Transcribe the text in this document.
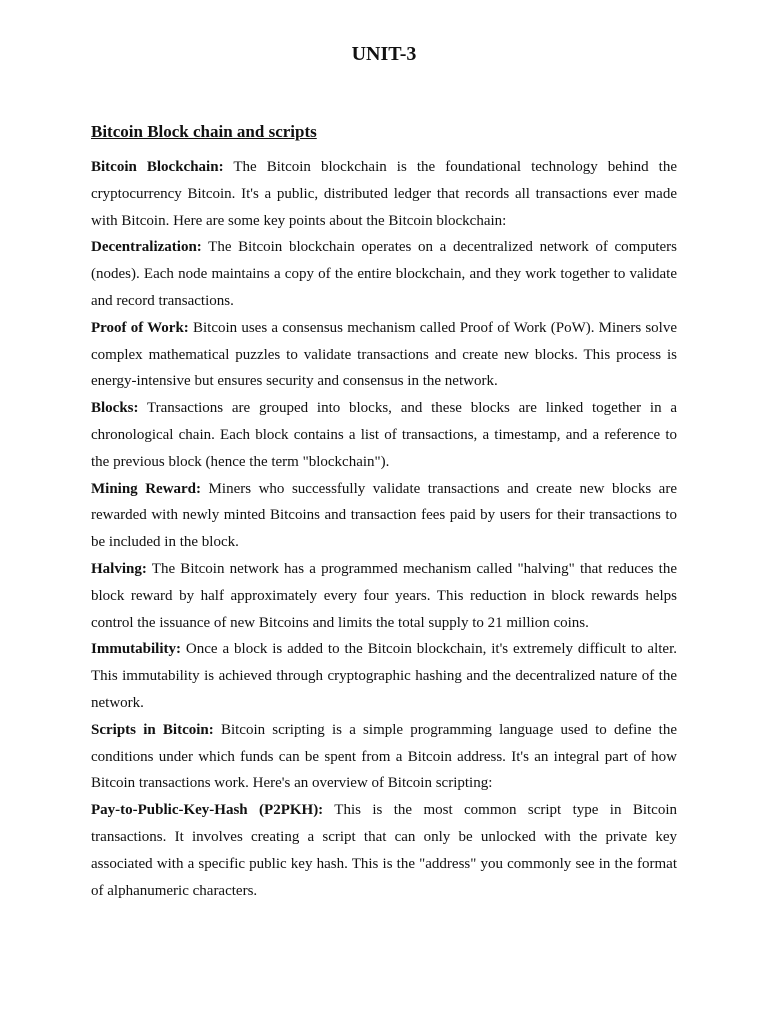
UNIT-3
Bitcoin Block chain and scripts

Bitcoin Blockchain: The Bitcoin blockchain is the foundational technology behind the cryptocurrency Bitcoin. It's a public, distributed ledger that records all transactions ever made with Bitcoin. Here are some key points about the Bitcoin blockchain:

Decentralization: The Bitcoin blockchain operates on a decentralized network of computers (nodes). Each node maintains a copy of the entire blockchain, and they work together to validate and record transactions.

Proof of Work: Bitcoin uses a consensus mechanism called Proof of Work (PoW). Miners solve complex mathematical puzzles to validate transactions and create new blocks. This process is energy-intensive but ensures security and consensus in the network.

Blocks: Transactions are grouped into blocks, and these blocks are linked together in a chronological chain. Each block contains a list of transactions, a timestamp, and a reference to the previous block (hence the term "blockchain").

Mining Reward: Miners who successfully validate transactions and create new blocks are rewarded with newly minted Bitcoins and transaction fees paid by users for their transactions to be included in the block.

Halving: The Bitcoin network has a programmed mechanism called "halving" that reduces the block reward by half approximately every four years. This reduction in block rewards helps control the issuance of new Bitcoins and limits the total supply to 21 million coins.

Immutability: Once a block is added to the Bitcoin blockchain, it's extremely difficult to alter. This immutability is achieved through cryptographic hashing and the decentralized nature of the network.

Scripts in Bitcoin: Bitcoin scripting is a simple programming language used to define the conditions under which funds can be spent from a Bitcoin address. It's an integral part of how Bitcoin transactions work. Here's an overview of Bitcoin scripting:

Pay-to-Public-Key-Hash (P2PKH): This is the most common script type in Bitcoin transactions. It involves creating a script that can only be unlocked with the private key associated with a specific public key hash. This is the "address" you commonly see in the format of alphanumeric characters.
